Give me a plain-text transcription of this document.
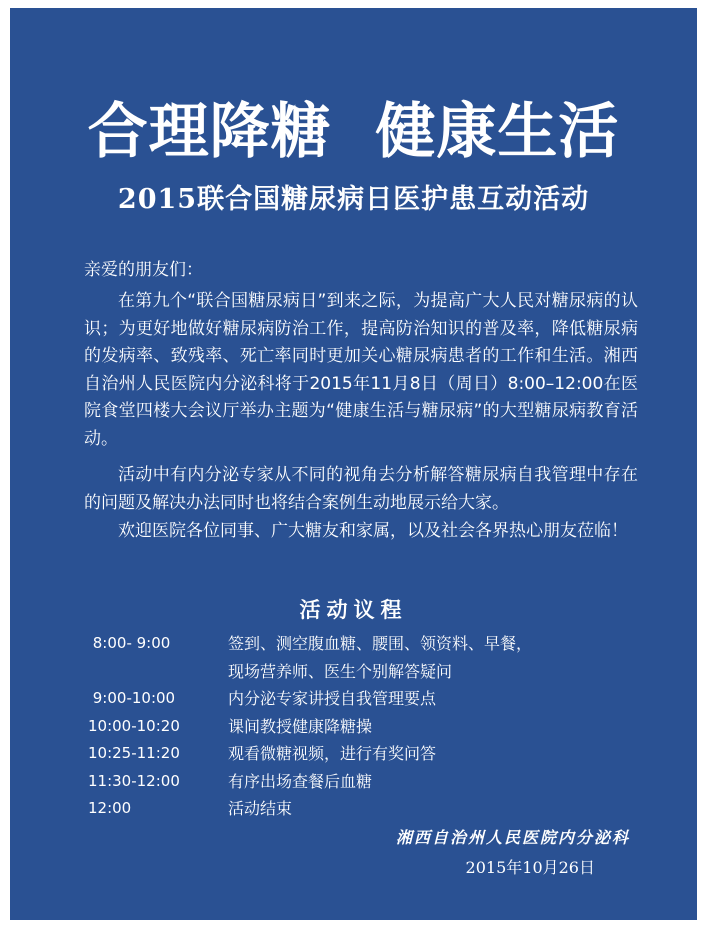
合理降糖  健康生活
2015联合国糖尿病日医护患互动活动
亲爱的朋友们：
在第九个“联合国糖尿病日”到来之际，为提高广大人民对糖尿病的认识；为更好地做好糖尿病防治工作，提高防治知识的普及率，降低糖尿病的发病率、致残率、死亡率同时更加关心糖尿病患者的工作和生活。湘西自治州人民医院内分泌科将于2015年11月8日（周日）8:00–12:00在医院食堂四楼大会议厅举办主题为“健康生活与糖尿病”的大型糖尿病教育活动。
活动中有内分泌专家从不同的视角去分析解答糖尿病自我管理中存在的问题及解决办法同时也将结合案例生动地展示给大家。
欢迎医院各位同事、广大糖友和家属，以及社会各界热心朋友莅临！
活动议程
8:00- 9:00	签到、测空腹血糖、腰围、领资料、早餐，
现场营养师、医生个别解答疑问
9:00-10:00	内分泌专家讲授自我管理要点
10:00-10:20	课间教授健康降糖操
10:25-11:20	观看微糖视频，进行有奖问答
11:30-12:00	有序出场查餐后血糖
12:00	活动结束
湘西自治州人民医院内分泌科
2015年10月26日
